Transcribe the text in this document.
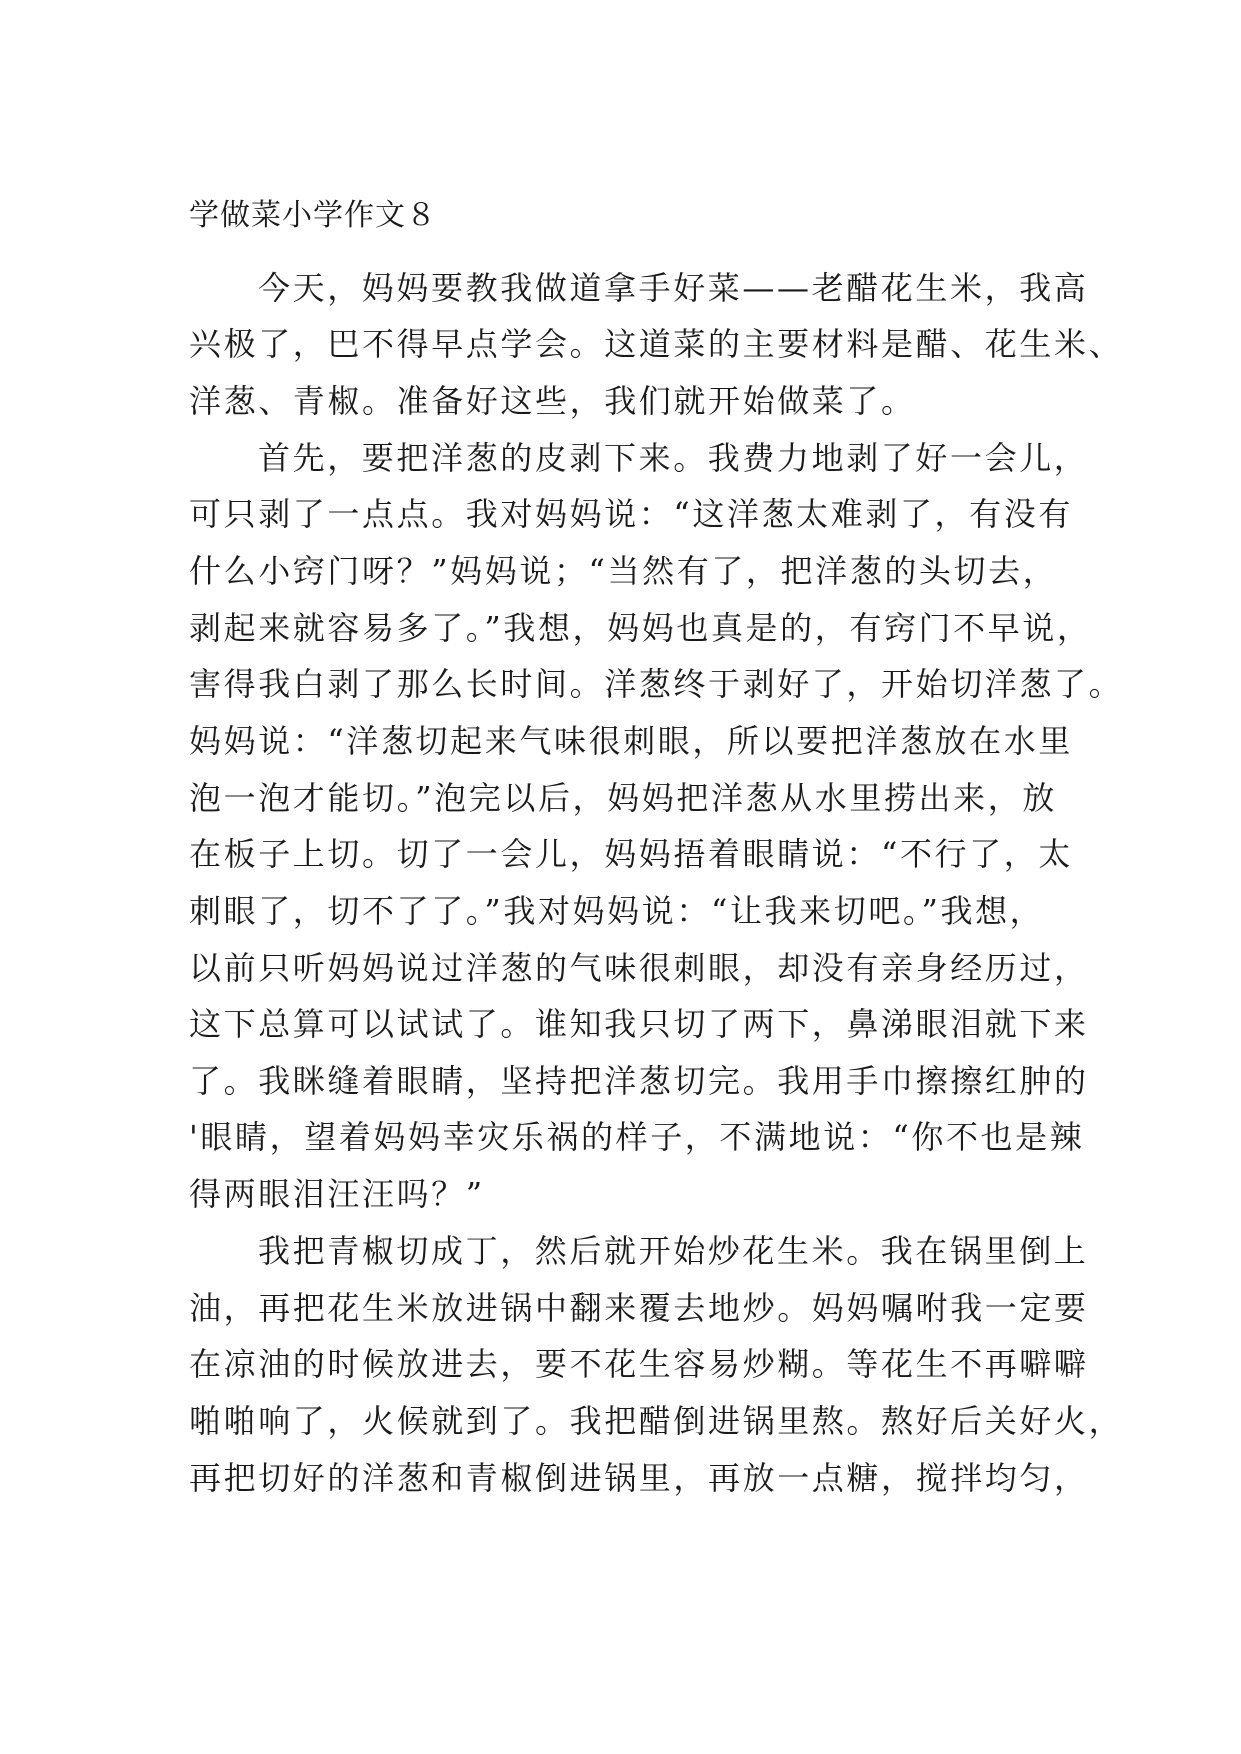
学做菜小学作文８
今天，妈妈要教我做道拿手好菜——老醋花生米，我高
兴极了，巴不得早点学会。这道菜的主要材料是醋、花生米、
洋葱、青椒。准备好这些，我们就开始做菜了。
首先，要把洋葱的皮剥下来。我费力地剥了好一会儿，
可只剥了一点点。我对妈妈说：“这洋葱太难剥了，有没有
什么小窍门呀？”妈妈说；“当然有了，把洋葱的头切去，
剥起来就容易多了。”我想，妈妈也真是的，有窍门不早说，
害得我白剥了那么长时间。洋葱终于剥好了，开始切洋葱了。
妈妈说：“洋葱切起来气味很刺眼，所以要把洋葱放在水里
泡一泡才能切。”泡完以后，妈妈把洋葱从水里捞出来，放
在板子上切。切了一会儿，妈妈捂着眼睛说：“不行了，太
刺眼了，切不了了。”我对妈妈说：“让我来切吧。”我想，
以前只听妈妈说过洋葱的气味很刺眼，却没有亲身经历过，
这下总算可以试试了。谁知我只切了两下，鼻涕眼泪就下来
了。我眯缝着眼睛，坚持把洋葱切完。我用手巾擦擦红肿的
'眼睛，望着妈妈幸灾乐祸的样子，不满地说：“你不也是辣
得两眼泪汪汪吗？”
我把青椒切成丁，然后就开始炒花生米。我在锅里倒上
油，再把花生米放进锅中翻来覆去地炒。妈妈嘱咐我一定要
在凉油的时候放进去，要不花生容易炒糊。等花生不再噼噼
啪啪响了，火候就到了。我把醋倒进锅里熬。熬好后关好火，
再把切好的洋葱和青椒倒进锅里，再放一点糖，搅拌均匀，
